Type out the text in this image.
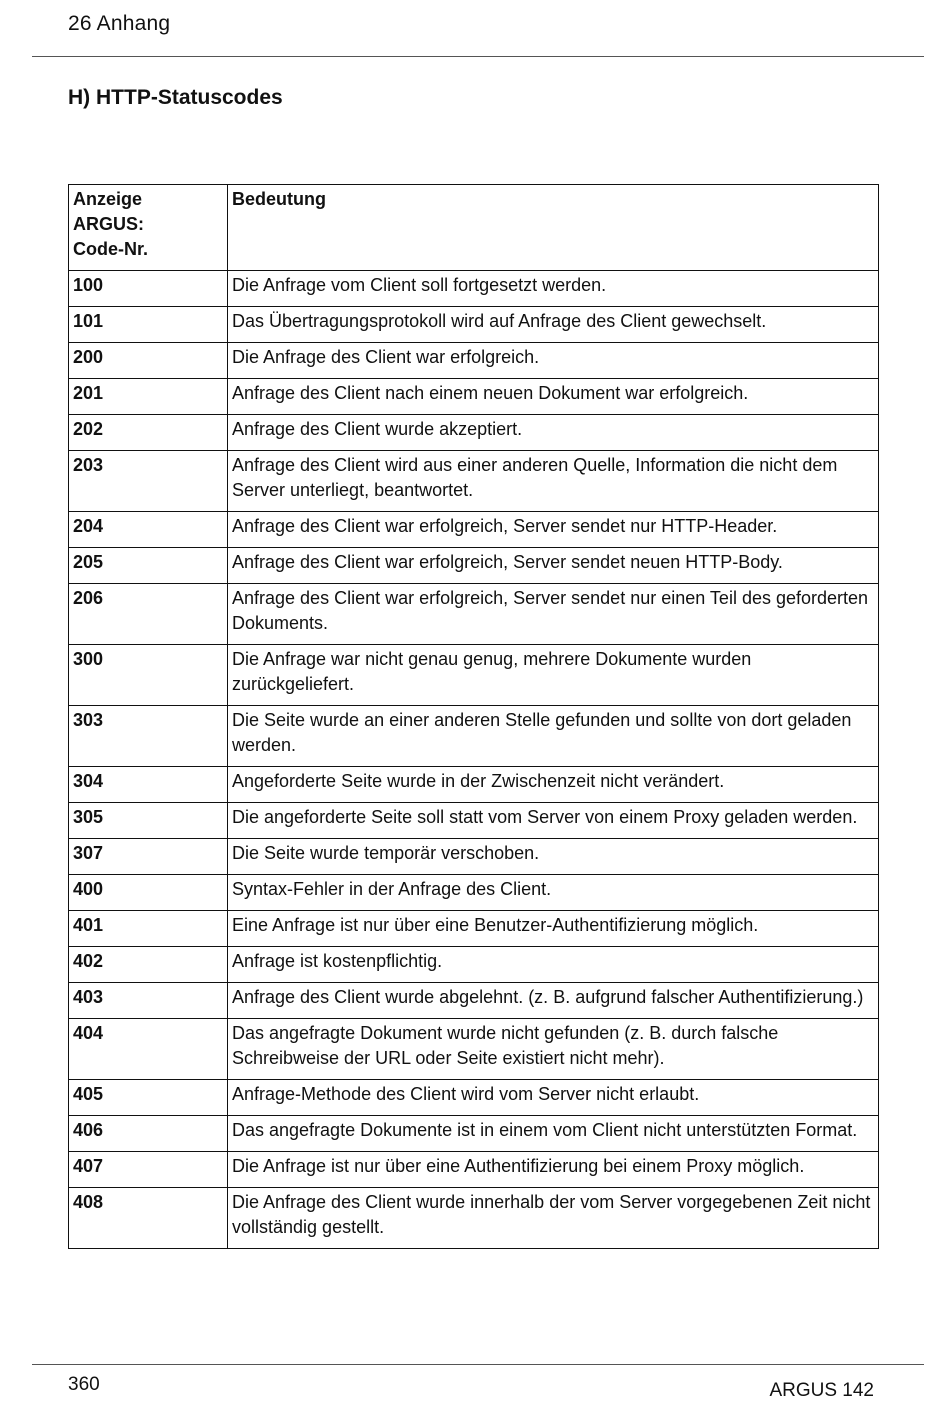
26 Anhang
H) HTTP-Statuscodes
Anzeige ARGUS: Code-Nr.	Bedeutung
100	Die Anfrage vom Client soll fortgesetzt werden.
101	Das Übertragungsprotokoll wird auf Anfrage des Client gewechselt.
200	Die Anfrage des Client war erfolgreich.
201	Anfrage des Client nach einem neuen Dokument war erfolgreich.
202	Anfrage des Client wurde akzeptiert.
203	Anfrage des Client wird aus einer anderen Quelle, Information die nicht dem Server unterliegt, beantwortet.
204	Anfrage des Client war erfolgreich, Server sendet nur HTTP-Header.
205	Anfrage des Client war erfolgreich, Server sendet neuen HTTP-Body.
206	Anfrage des Client war erfolgreich, Server sendet nur einen Teil des geforderten Dokuments.
300	Die Anfrage war nicht genau genug, mehrere Dokumente wurden zurückgeliefert.
303	Die Seite wurde an einer anderen Stelle gefunden und sollte von dort geladen werden.
304	Angeforderte Seite wurde in der Zwischenzeit nicht verändert.
305	Die angeforderte Seite soll statt vom Server von einem Proxy geladen werden.
307	Die Seite wurde temporär verschoben.
400	Syntax-Fehler in der Anfrage des Client.
401	Eine Anfrage ist nur über eine Benutzer-Authentifizierung möglich.
402	Anfrage ist kostenpflichtig.
403	Anfrage des Client wurde abgelehnt. (z. B. aufgrund falscher Authentifizierung.)
404	Das angefragte Dokument wurde nicht gefunden (z. B. durch falsche Schreibweise der URL oder Seite existiert nicht mehr).
405	Anfrage-Methode des Client wird vom Server nicht erlaubt.
406	Das angefragte Dokumente ist in einem vom Client nicht unterstützten Format.
407	Die Anfrage ist nur über eine Authentifizierung bei einem Proxy möglich.
408	Die Anfrage des Client wurde innerhalb der vom Server vorgegebenen Zeit nicht vollständig gestellt.
360	ARGUS 142
